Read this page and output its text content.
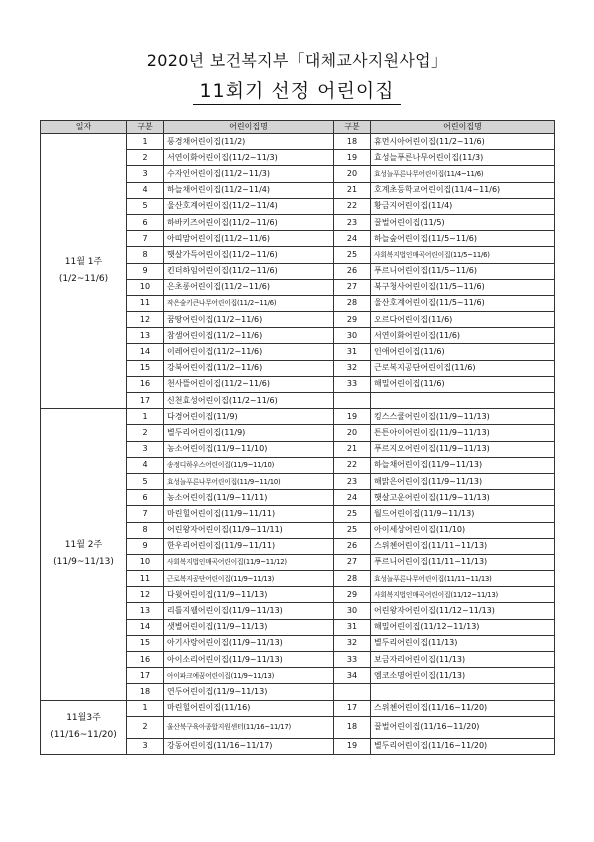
2020년 보건복지부「대체교사지원사업」
11회기 선정 어린이집
일자	구분	어린이집명	구분	어린이집명

11월 1주
(1/2~11/6)	1	풍경채어린이집(11/2)	18	휴먼시아어린이집(11/2~11/6)
	2	서연이화어린이집(11/2~11/3)	19	효성늘푸른나무어린이집(11/3)
	3	수자인어린이집(11/2~11/3)	20	효성늘푸른나무어린이집(11/4~11/6)
	4	하늘채어린이집(11/2~11/4)	21	호계초등학교어린이집(11/4~11/6)
	5	울산호계어린이집(11/2~11/4)	22	황금지어린이집(11/4)
	6	하바키즈어린이집(11/2~11/6)	23	꿀벌어린이집(11/5)
	7	아띠맘어린이집(11/2~11/6)	24	하늘숲어린이집(11/5~11/6)
	8	햇살가득어린이집(11/2~11/6)	25	사회복지법인매곡어린이집(11/5~11/6)
	9	킨더하임어린이집(11/2~11/6)	26	푸르니어린이집(11/5~11/6)
	10	은초롱어린이집(11/2~11/6)	27	북구청사어린이집(11/5~11/6)
	11	작은숲키큰나무어린이집(11/2~11/6)	28	울산호계어린이집(11/5~11/6)
	12	꿈땅어린이집(11/2~11/6)	29	오르다어린이집(11/6)
	13	참샘어린이집(11/2~11/6)	30	서연이화어린이집(11/6)
	14	이레어린이집(11/2~11/6)	31	인애어린이집(11/6)
	15	강북어린이집(11/2~11/6)	32	근로복지공단어린이집(11/6)
	16	천사뜰어린이집(11/2~11/6)	33	해밀어린이집(11/6)
	17	신천효성어린이집(11/2~11/6)		

11월 2주
(11/9~11/13)	1	다경어린이집(11/9)	19	킹스스쿨어린이집(11/9~11/13)
	2	별두리어린이집(11/9)	20	튼튼아이어린이집(11/9~11/13)
	3	농소어린이집(11/9~11/10)	21	푸르지오어린이집(11/9~11/13)
	4	송정디하우스어린이집(11/9~11/10)	22	하늘채어린이집(11/9~11/13)
	5	효성늘푸른나무어린이집(11/9~11/10)	23	해맑은어린이집(11/9~11/13)
	6	농소어린이집(11/9~11/11)	24	햇살고운어린이집(11/9~11/13)
	7	마린힐어린이집(11/9~11/11)	25	월드어린이집(11/9~11/13)
	8	어린왕자어린이집(11/9~11/11)	25	아이세상어린이집(11/10)
	9	한우리어린이집(11/9~11/11)	26	스위첸어린이집(11/11~11/13)
	10	사회복지법인매곡어린이집(11/9~11/12)	27	푸르니어린이집(11/11~11/13)
	11	근로복지공단어린이집(11/9~11/13)	28	효성늘푸른나무어린이집(11/11~11/13)
	12	다윗어린이집(11/9~11/13)	29	사회복지법인매곡어린이집(11/12~11/13)
	13	리틀지웰어린이집(11/9~11/13)	30	어린왕자어린이집(11/12~11/13)
	14	샛별어린이집(11/9~11/13)	31	해밀어린이집(11/12~11/13)
	15	아기사랑어린이집(11/9~11/13)	32	별두리어린이집(11/13)
	16	아이소리어린이집(11/9~11/13)	33	보금자리어린이집(11/13)
	17	아이파크예꿈어린이집(11/9~11/13)	34	엠코소명어린이집(11/13)
	18	연두어린이집(11/9~11/13)		

11월3주
(11/16~11/20)	1	마린힐어린이집(11/16)	17	스위첸어린이집(11/16~11/20)
	2	울산북구육아종합지원센터(11/16~11/17)	18	꿀벌어린이집(11/16~11/20)
	3	강동어린이집(11/16~11/17)	19	별두리어린이집(11/16~11/20)
